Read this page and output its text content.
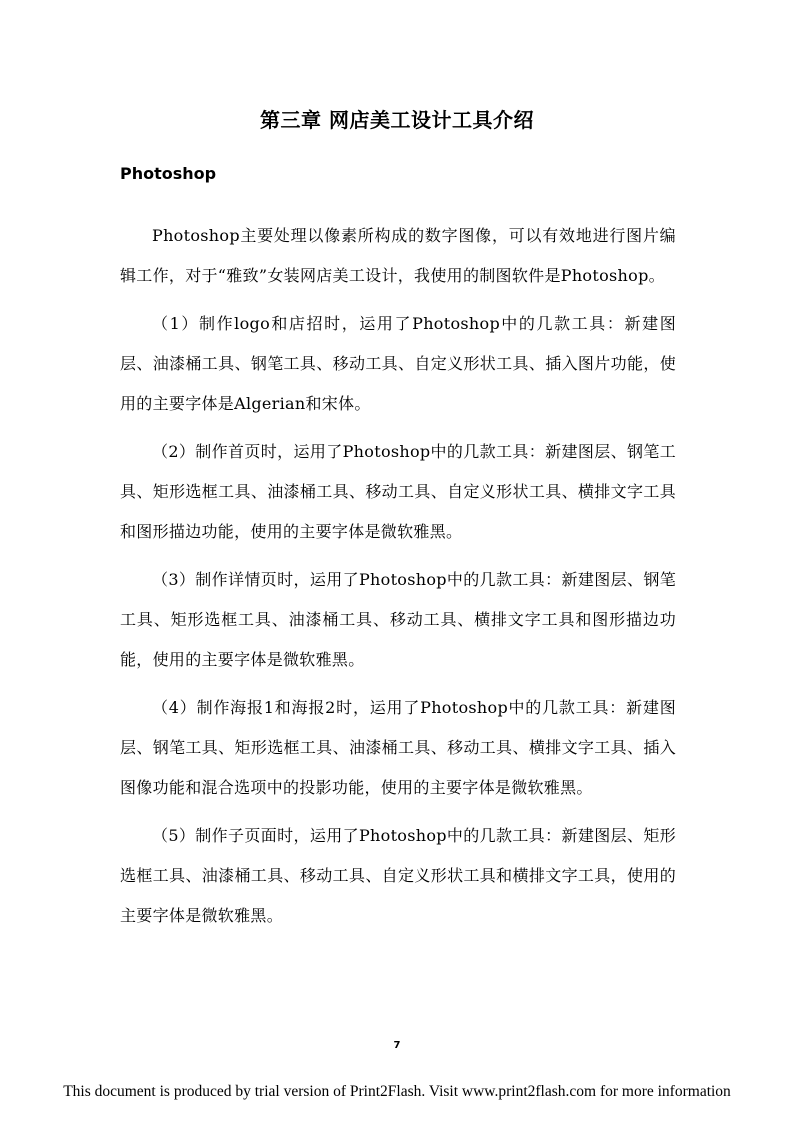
第三章 网店美工设计工具介绍
Photoshop

Photoshop主要处理以像素所构成的数字图像，可以有效地进行图片编辑工作，对于“雅致”女装网店美工设计，我使用的制图软件是Photoshop。

（1）制作logo和店招时，运用了Photoshop中的几款工具：新建图层、油漆桶工具、钢笔工具、移动工具、自定义形状工具、插入图片功能，使用的主要字体是Algerian和宋体。

（2）制作首页时，运用了Photoshop中的几款工具：新建图层、钢笔工具、矩形选框工具、油漆桶工具、移动工具、自定义形状工具、横排文字工具和图形描边功能，使用的主要字体是微软雅黑。

（3）制作详情页时，运用了Photoshop中的几款工具：新建图层、钢笔工具、矩形选框工具、油漆桶工具、移动工具、横排文字工具和图形描边功能，使用的主要字体是微软雅黑。

（4）制作海报1和海报2时，运用了Photoshop中的几款工具：新建图层、钢笔工具、矩形选框工具、油漆桶工具、移动工具、横排文字工具、插入图像功能和混合选项中的投影功能，使用的主要字体是微软雅黑。

（5）制作子页面时，运用了Photoshop中的几款工具：新建图层、矩形选框工具、油漆桶工具、移动工具、自定义形状工具和横排文字工具，使用的主要字体是微软雅黑。

7
This document is produced by trial version of Print2Flash. Visit www.print2flash.com for more information
